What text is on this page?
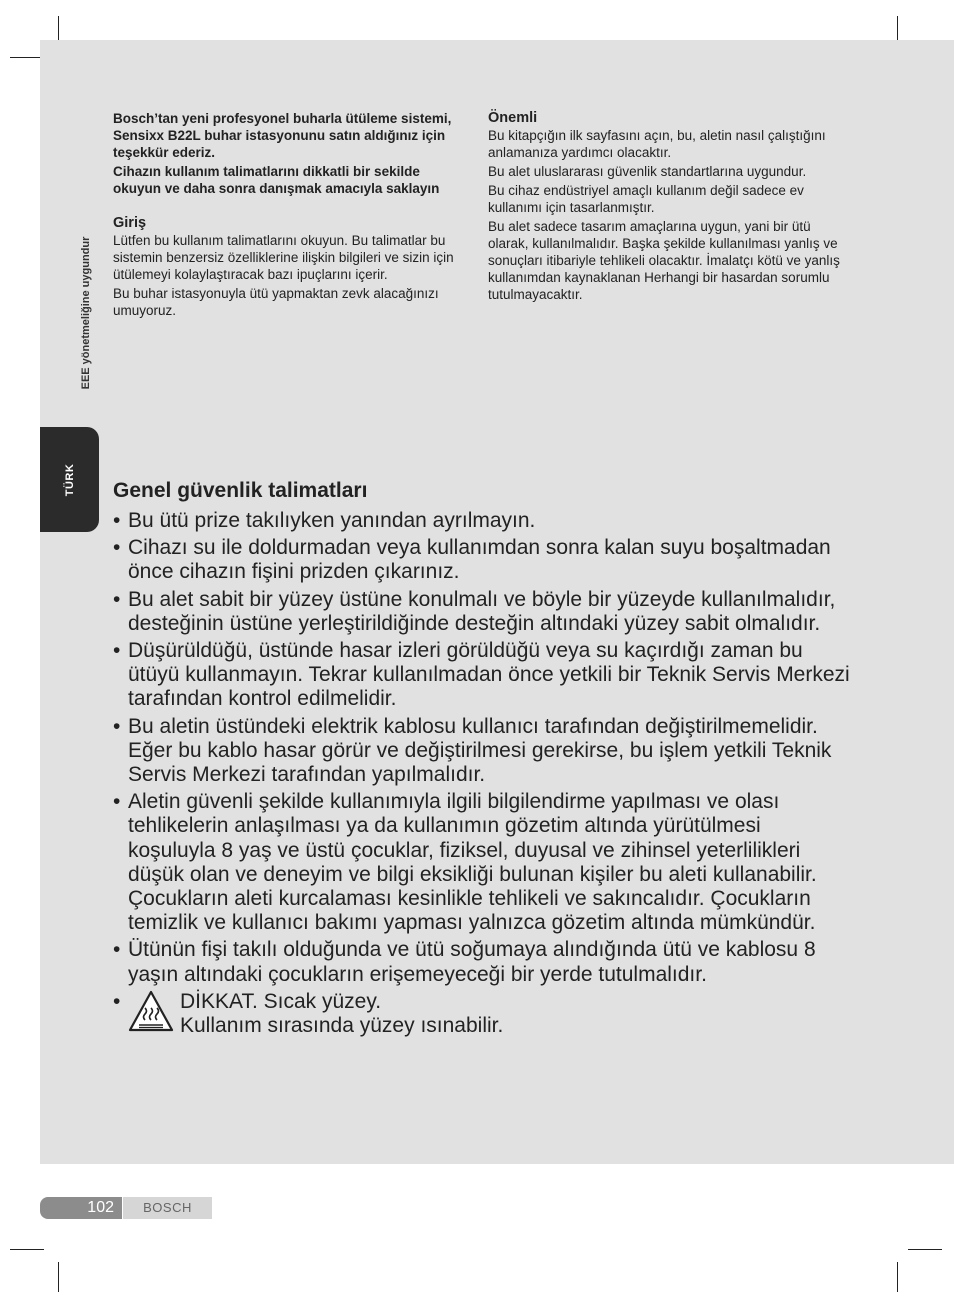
EEE yönetmeliğine uygundur
TÜRK

Bosch’tan yeni profesyonel buharla ütüleme sistemi, Sensixx B22L buhar istasyonunu satın aldığınız için teşekkür ederiz.

Cihazın kullanım talimatlarını dikkatli bir sekilde okuyun ve daha sonra danışmak amacıyla saklayın

Giriş

Lütfen bu kullanım talimatlarını okuyun. Bu talimatlar bu sistemin benzersiz özelliklerine ilişkin bilgileri ve sizin için ütülemeyi kolaylaştıracak bazı ipuçlarını içerir.

Bu buhar istasyonuyla ütü yapmaktan zevk alacağınızı umuyoruz.

Önemli

Bu kitapçığın ilk sayfasını açın, bu, aletin nasıl çalıştığını anlamanıza yardımcı olacaktır.

Bu alet uluslararası güvenlik standartlarına uygundur.

Bu cihaz endüstriyel amaçlı kullanım değil sadece ev kullanımı için tasarlanmıştır.

Bu alet sadece tasarım amaçlarına uygun, yani bir ütü olarak, kullanılmalıdır. Başka şekilde kullanılması yanlış ve sonuçları itibariyle tehlikeli olacaktır. İmalatçı kötü ve yanlış kullanımdan kaynaklanan Herhangi bir hasardan sorumlu tutulmayacaktır.

Genel güvenlik talimatları
• Bu ütü prize takılıyken yanından ayrılmayın.
• Cihazı su ile doldurmadan veya kullanımdan sonra kalan suyu boşaltmadan önce cihazın fişini prizden çıkarınız.
• Bu alet sabit bir yüzey üstüne konulmalı ve böyle bir yüzeyde kullanılmalıdır, desteğinin üstüne yerleştirildiğinde desteğin altındaki yüzey sabit olmalıdır.
• Düşürüldüğü, üstünde hasar izleri görüldüğü veya su kaçırdığı zaman bu ütüyü kullanmayın. Tekrar kullanılmadan önce yetkili bir Teknik Servis Merkezi tarafından kontrol edilmelidir.
• Bu aletin üstündeki elektrik kablosu kullanıcı tarafından değiştirilmemelidir. Eğer bu kablo hasar görür ve değiştirilmesi gerekirse, bu işlem yetkili Teknik Servis Merkezi tarafından yapılmalıdır.
• Aletin güvenli şekilde kullanımıyla ilgili bilgilendirme yapılması ve olası tehlikelerin anlaşılması ya da kullanımın gözetim altında yürütülmesi koşuluyla 8 yaş ve üstü çocuklar, fiziksel, duyusal ve zihinsel yeterlilikleri düşük olan ve deneyim ve bilgi eksikliği bulunan kişiler bu aleti kullanabilir. Çocukların aleti kurcalaması kesinlikle tehlikeli ve sakıncalıdır. Çocukların temizlik ve kullanıcı bakımı yapması yalnızca gözetim altında mümkündür.
• Ütünün fişi takılı olduğunda ve ütü soğumaya alındığında ütü ve kablosu 8 yaşın altındaki çocukların erişemeyeceği bir yerde tutulmalıdır.
•	DİKKAT. Sıcak yüzey.
Kullanım sırasında yüzey ısınabilir.
102	BOSCH
